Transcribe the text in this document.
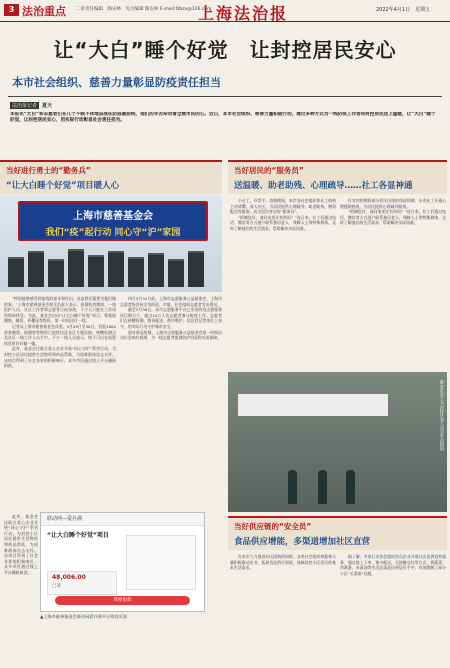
3 法治重点 二审责任编辑　陶安林　见习编辑 陶安林 E-mail:fzbzx@126.com
上海法治报	2022年4月1日　星期五
让“大白”睡个好觉　让封控居民安心
本市社会组织、慈善力量彰显防疫责任担当
法治报记者 夏天
本报讯“大白”和志愿者们在几个不眠不休地奋战在防疫最前线，他们的辛苦牵动着全城市民的心。近日，本市社会组织、慈善力量积极行动，通过多种方式为一线防疫工作者和封控居民送上温暖，让“大白”睡个好觉，让封控居民安心，用实际行动彰显社会责任担当。
当好进行勇士的“勤务兵”
“让大白睡个好觉”项目暖人心
上海市慈善基金会
我们“疫”起行动 同心守“沪”家园

“特别能够感受到前线的艰辛和付出，这是我们需要为他们做的事。”上海市慈善基金会相关负责人表示，疫情防控期间，一线医护人员、社区工作者和志愿者日夜奋战，不少人只能在工作场所简单休息。为此，基金会启动“让大白睡个好觉”项目，筹集防潮垫、睡袋、折叠床等物资，第一时间送往一线。

记者从上海市慈善基金会获悉，3月29日至30日，首批1000余套睡袋、防潮垫等物资已陆续送达各区方舱医院、核酸检测点及社区一线工作人员手中。不少一线人员表示，终于可以在短暂休息时好好躺一躺。

此外，基金会还联合爱心企业开展“同心守沪”系列行动，为封控小区居民提供生活物资和药品帮助，为困难群体送去关怀。该项目得到了社会各界的积极响应，众多市民通过线上平台踊跃捐款。

此外，基金会还联合爱心企业开展“同心守沪”系列行动，为封控小区居民提供生活物资和药品帮助，为困难群体送去关怀。该项目得到了社会各界的积极响应，众多市民通过线上平台踊跃捐款。

四月3月31日前，上海市志愿服务公益基金会、上海市志愿者协会向全市街道、乡镇、社会组织志愿者发出倡议。

截至3月30日，本市志愿服务平台已发布防疫志愿服务项目数百个，超过10万人次志愿者参与防疫工作。志愿者们在核酸检测、物资配送、秩序维护、信息登记等岗位上坚守，用实际行动守护城市安全。

面对新冠疫情，上海市志愿服务公益基金会第一时间启动应急响应机制，为一线志愿者提供防护用品和关爱保障。

联动网—爱扑满
“让大白睡个好觉”项目
48,006.00
已筹
我要捐款
▲上海市慈善基金会联动网爱扑满平台筹款页面
当好居民的“服务员”
送温暖、助老助残、心理疏导……社工各显神通

小社工，好帮手。疫情期间，本市各社会组织和社工机构主动请缨，深入社区，为居民提供心理疏导、助老助残、物资配送等服务，成为居民身边的“服务员”。

“阿姨您好，请问家里还有药吗？”连日来，社工们通过电话、微信等方式逐户联系独居老人、残障人士等特殊群体，及时了解他们的生活需求，帮助解决实际困难。

针对封控期间部分居民出现的焦虑情绪，专业社工开通心理援助热线，为居民提供心理疏导服务。

“阿姨您好，请问家里还有药吗？”连日来，社工们通过电话、微信等方式逐户联系独居老人、残障人士等特殊群体，及时了解他们的生活需求，帮助解决实际困难。

静安区社工为封控区老人送去生活物资
当好供应链的“安全员”
食品供应增能，多渠道增加社区直营

在本市大力推进社区团购的同时，各类社会组织和慈善力量积极联动企业，拓展食品供应渠道，保障封控小区居民的基本生活需求。

据了解，多家行业协会组织会员企业开展社区直供直营服务，通过线上下单、集中配送、无接触交付等方式，将蔬菜、肉禽蛋、米面油等生活必需品送到居民手中，有效缓解了部分小区“买菜难”问题。
